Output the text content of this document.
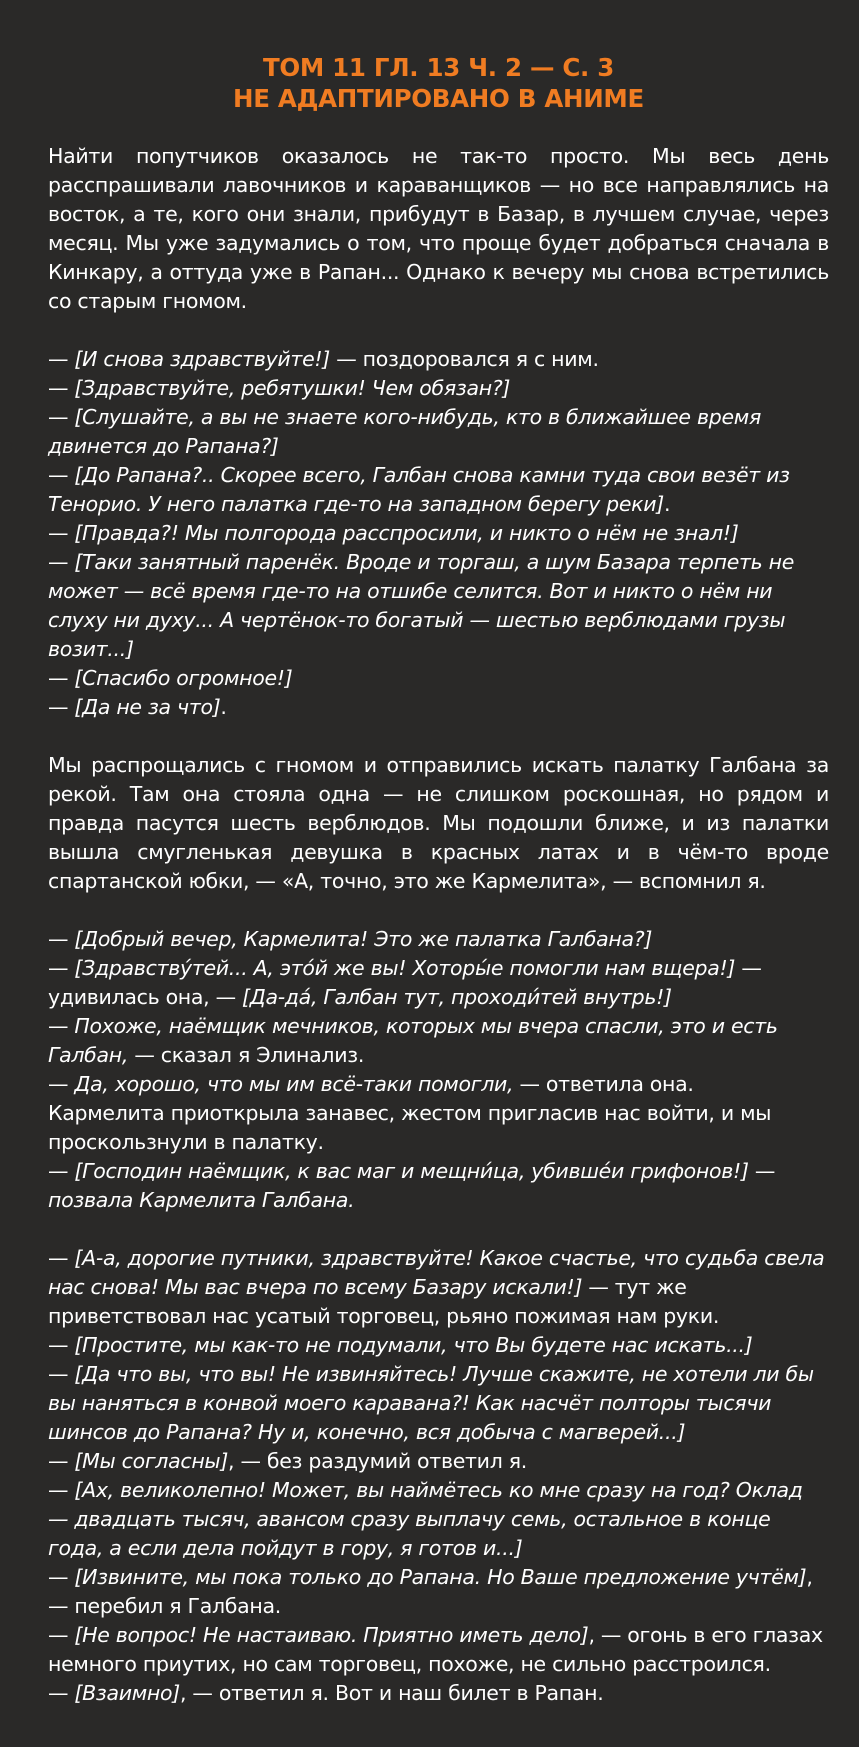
ТОМ 11 ГЛ. 13 Ч. 2 — С. 3
НЕ АДАПТИРОВАНО В АНИМЕ

Найти попутчиков оказалось не так-то просто. Мы весь день расспрашивали лавочников и караванщиков — но все направлялись на восток, а те, кого они знали, прибудут в Базар, в лучшем случае, через месяц. Мы уже задумались о том, что проще будет добраться сначала в Кинкару, а оттуда уже в Рапан... Однако к вечеру мы снова встретились со старым гномом.

— [И снова здравствуйте!] — поздоровался я с ним.
— [Здравствуйте, ребятушки! Чем обязан?]
— [Слушайте, а вы не знаете кого-нибудь, кто в ближайшее время двинется до Рапана?]
— [До Рапана?.. Скорее всего, Галбан снова камни туда свои везёт из Тенорио. У него палатка где-то на западном берегу реки].
— [Правда?! Мы полгорода расспросили, и никто о нём не знал!]
— [Таки занятный паренёк. Вроде и торгаш, а шум Базара терпеть не может — всё время где-то на отшибе селится. Вот и никто о нём ни слуху ни духу... А чертёнок-то богатый — шестью верблюдами грузы возит...]
— [Спасибо огромное!]
— [Да не за что].

Мы распрощались с гномом и отправились искать палатку Галбана за рекой. Там она стояла одна — не слишком роскошная, но рядом и правда пасутся шесть верблюдов. Мы подошли ближе, и из палатки вышла смугленькая девушка в красных латах и в чём-то вроде спартанской юбки, — «А, точно, это же Кармелита», — вспомнил я.

— [Добрый вечер, Кармелита! Это же палатка Галбана?]
— [Здравству́тей... А, это́й же вы! Хоторы́е помогли нам вщера!] — удивилась она, — [Да-да́, Галбан тут, проходи́тей внутрь!]
— Похоже, наёмщик мечников, которых мы вчера спасли, это и есть Галбан, — сказал я Элинализ.
— Да, хорошо, что мы им всё-таки помогли, — ответила она.
Кармелита приоткрыла занавес, жестом пригласив нас войти, и мы проскользнули в палатку.
— [Господин наёмщик, к вас маг и мещни́ца, убившéи грифонов!] — позвала Кармелита Галбана.
— [А-а, дорогие путники, здравствуйте! Какое счастье, что судьба свела нас снова! Мы вас вчера по всему Базару искали!] — тут же приветствовал нас усатый торговец, рьяно пожимая нам руки.
— [Простите, мы как-то не подумали, что Вы будете нас искать...]
— [Да что вы, что вы! Не извиняйтесь! Лучше скажите, не хотели ли бы вы наняться в конвой моего каравана?! Как насчёт полторы тысячи шинсов до Рапана? Ну и, конечно, вся добыча с магверей...]
— [Мы согласны], — без раздумий ответил я.
— [Ах, великолепно! Может, вы наймётесь ко мне сразу на год? Оклад — двадцать тысяч, авансом сразу выплачу семь, остальное в конце года, а если дела пойдут в гору, я готов и...]
— [Извините, мы пока только до Рапана. Но Ваше предложение учтём], — перебил я Галбана.
— [Не вопрос! Не настаиваю. Приятно иметь дело], — огонь в его глазах немного приутих, но сам торговец, похоже, не сильно расстроился.
— [Взаимно], — ответил я. Вот и наш билет в Рапан.
